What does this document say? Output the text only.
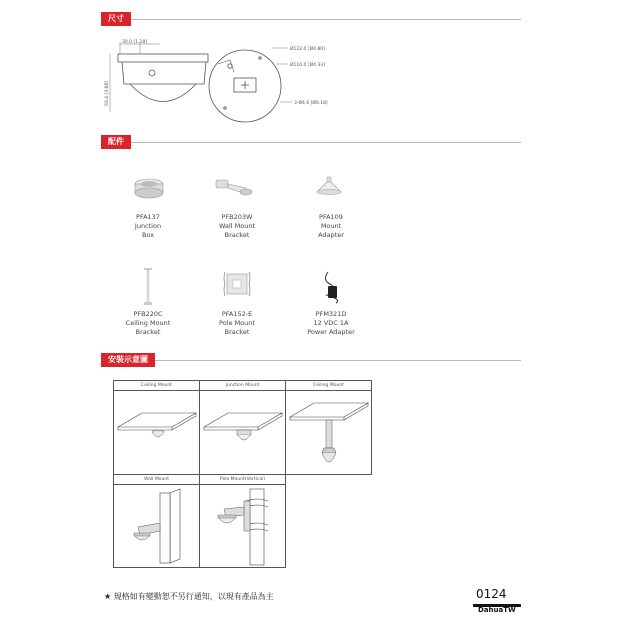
尺寸
30.0 [1.18]
93.4 [3.68]
Ø122.0 [Ø4.80]
Ø110.0 [Ø4.33]
3-Ø4.6 [Ø0.18]
配件
PFA137
Junction
Box
PFB203W
Wall Mount
Bracket
PFA109
Mount
Adapter
PFB220C
Ceiling Mount
Bracket
PFA152-E
Pole Mount
Bracket
PFM321D
12 VDC 1A
Power Adapter
安裝示意圖
Ceiling Mount	Junction Mount	Ceiling Mount
Wall Mount	Pole Mount(Vertical)
★ 規格如有變動恕不另行通知，以現有產品為主	0124
DahuaTW
